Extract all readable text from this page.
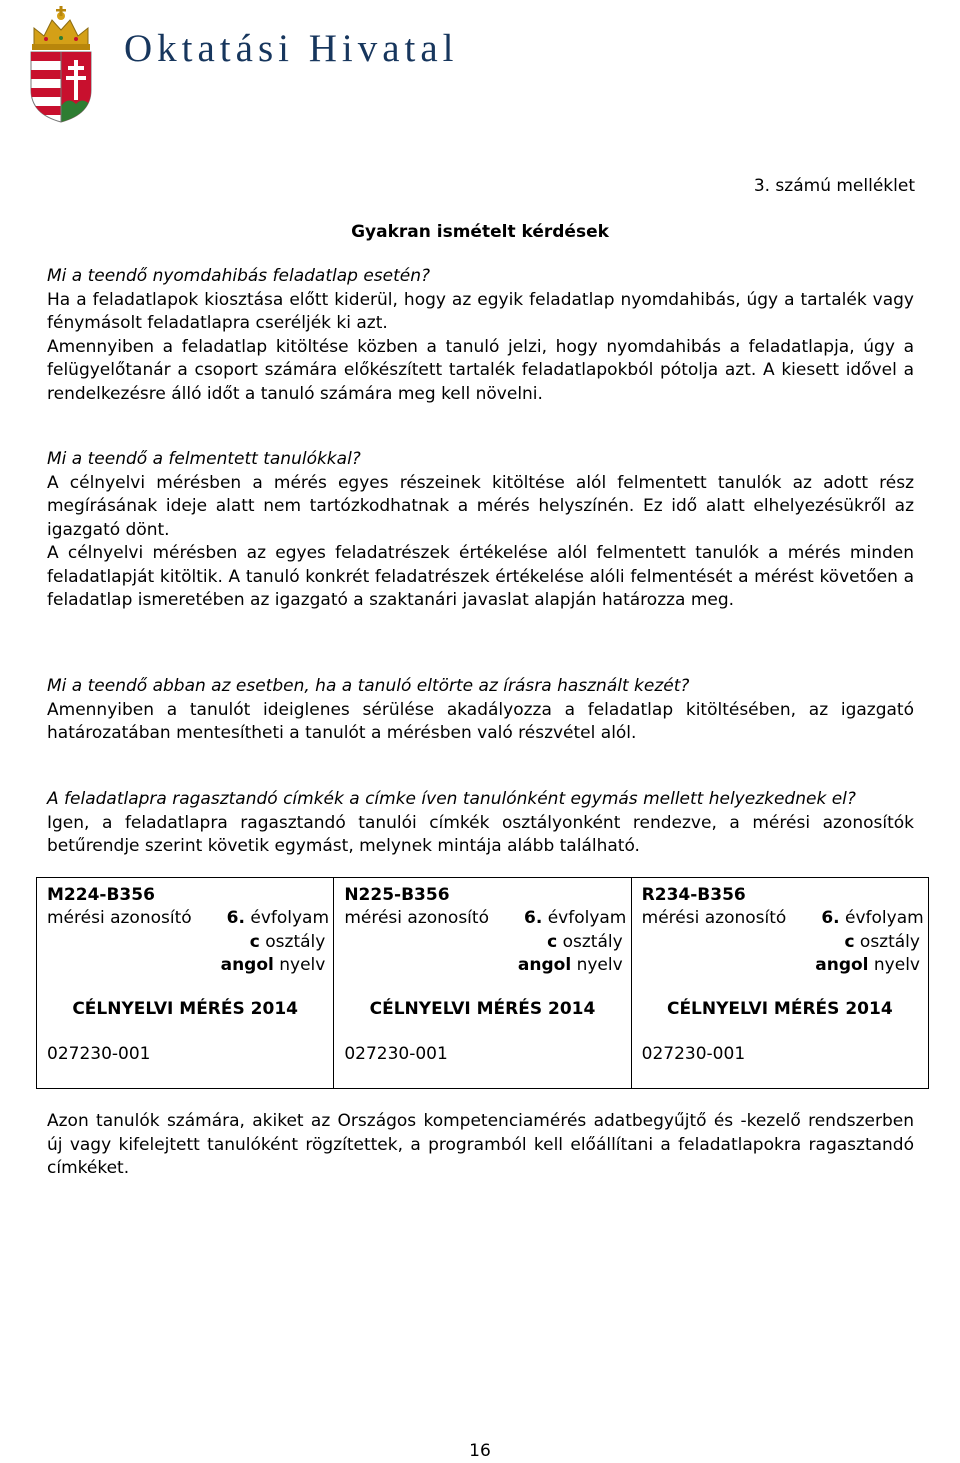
Oktatási Hivatal
3. számú melléklet
Gyakran ismételt kérdések

Mi a teendő nyomdahibás feladatlap esetén?

Ha a feladatlapok kiosztása előtt kiderül, hogy az egyik feladatlap nyomdahibás, úgy a tartalék vagy fénymásolt feladatlapra cseréljék ki azt.

Amennyiben a feladatlap kitöltése közben a tanuló jelzi, hogy nyomdahibás a feladatlapja, úgy a felügyelőtanár a csoport számára előkészített tartalék feladatlapokból pótolja azt. A kiesett idővel a rendelkezésre álló időt a tanuló számára meg kell növelni.

Mi a teendő a felmentett tanulókkal?

A célnyelvi mérésben a mérés egyes részeinek kitöltése alól felmentett tanulók az adott rész megírásának ideje alatt nem tartózkodhatnak a mérés helyszínén. Ez idő alatt elhelyezésükről az igazgató dönt.

A célnyelvi mérésben az egyes feladatrészek értékelése alól felmentett tanulók a mérés minden feladatlapját kitöltik. A tanuló konkrét feladatrészek értékelése alóli felmentését a mérést követően a feladatlap ismeretében az igazgató a szaktanári javaslat alapján határozza meg.

Mi a teendő abban az esetben, ha a tanuló eltörte az írásra használt kezét?

Amennyiben a tanulót ideiglenes sérülése akadályozza a feladatlap kitöltésében, az igazgató határozatában mentesítheti a tanulót a mérésben való részvétel alól.

A feladatlapra ragasztandó címkék a címke íven tanulónként egymás mellett helyezkednek el?

Igen, a feladatlapra ragasztandó tanulói címkék osztályonként rendezve, a mérési azonosítók betűrendje szerint követik egymást, melynek mintája alább található.

M224-B356
mérési azonosító 6. évfolyam
c osztály
angol nyelv
CÉLNYELVI MÉRÉS 2014
027230-001
N225-B356
mérési azonosító 6. évfolyam
c osztály
angol nyelv
CÉLNYELVI MÉRÉS 2014
027230-001
R234-B356
mérési azonosító 6. évfolyam
c osztály
angol nyelv
CÉLNYELVI MÉRÉS 2014
027230-001

Azon tanulók számára, akiket az Országos kompetenciamérés adatbegyűjtő és -kezelő rendszerben új vagy kifelejtett tanulóként rögzítettek, a programból kell előállítani a feladatlapokra ragasztandó címkéket.

16
